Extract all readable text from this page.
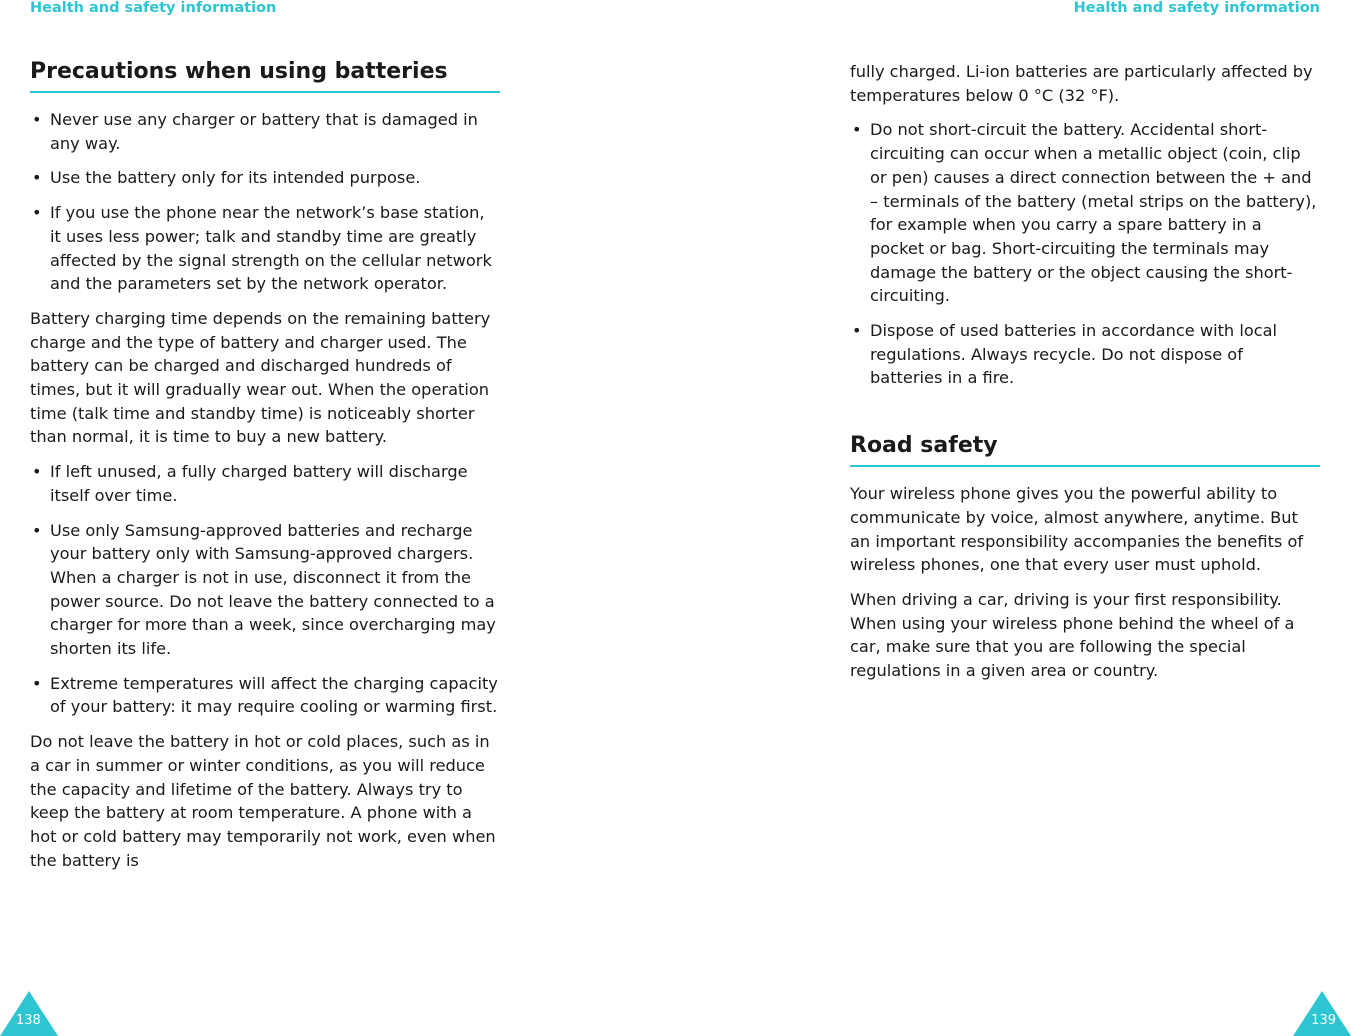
Health and safety information
Precautions when using batteries
• Never use any charger or battery that is damaged in any way.
• Use the battery only for its intended purpose.
• If you use the phone near the network’s base station, it uses less power; talk and standby time are greatly affected by the signal strength on the cellular network and the parameters set by the network operator.

Battery charging time depends on the remaining battery charge and the type of battery and charger used. The battery can be charged and discharged hundreds of times, but it will gradually wear out. When the operation time (talk time and standby time) is noticeably shorter than normal, it is time to buy a new battery.

• If left unused, a fully charged battery will discharge itself over time.
• Use only Samsung-approved batteries and recharge your battery only with Samsung-approved chargers. When a charger is not in use, disconnect it from the power source. Do not leave the battery connected to a charger for more than a week, since overcharging may shorten its life.
• Extreme temperatures will affect the charging capacity of your battery: it may require cooling or warming first.

Do not leave the battery in hot or cold places, such as in a car in summer or winter conditions, as you will reduce the capacity and lifetime of the battery. Always try to keep the battery at room temperature. A phone with a hot or cold battery may temporarily not work, even when the battery is

138
Health and safety information

fully charged. Li-ion batteries are particularly affected by temperatures below 0 °C (32 °F).

• Do not short-circuit the battery. Accidental short-circuiting can occur when a metallic object (coin, clip or pen) causes a direct connection between the + and – terminals of the battery (metal strips on the battery), for example when you carry a spare battery in a pocket or bag. Short-circuiting the terminals may damage the battery or the object causing the short-circuiting.
• Dispose of used batteries in accordance with local regulations. Always recycle. Do not dispose of batteries in a fire.
Road safety

Your wireless phone gives you the powerful ability to communicate by voice, almost anywhere, anytime. But an important responsibility accompanies the benefits of wireless phones, one that every user must uphold.

When driving a car, driving is your first responsibility. When using your wireless phone behind the wheel of a car, make sure that you are following the special regulations in a given area or country.

139
